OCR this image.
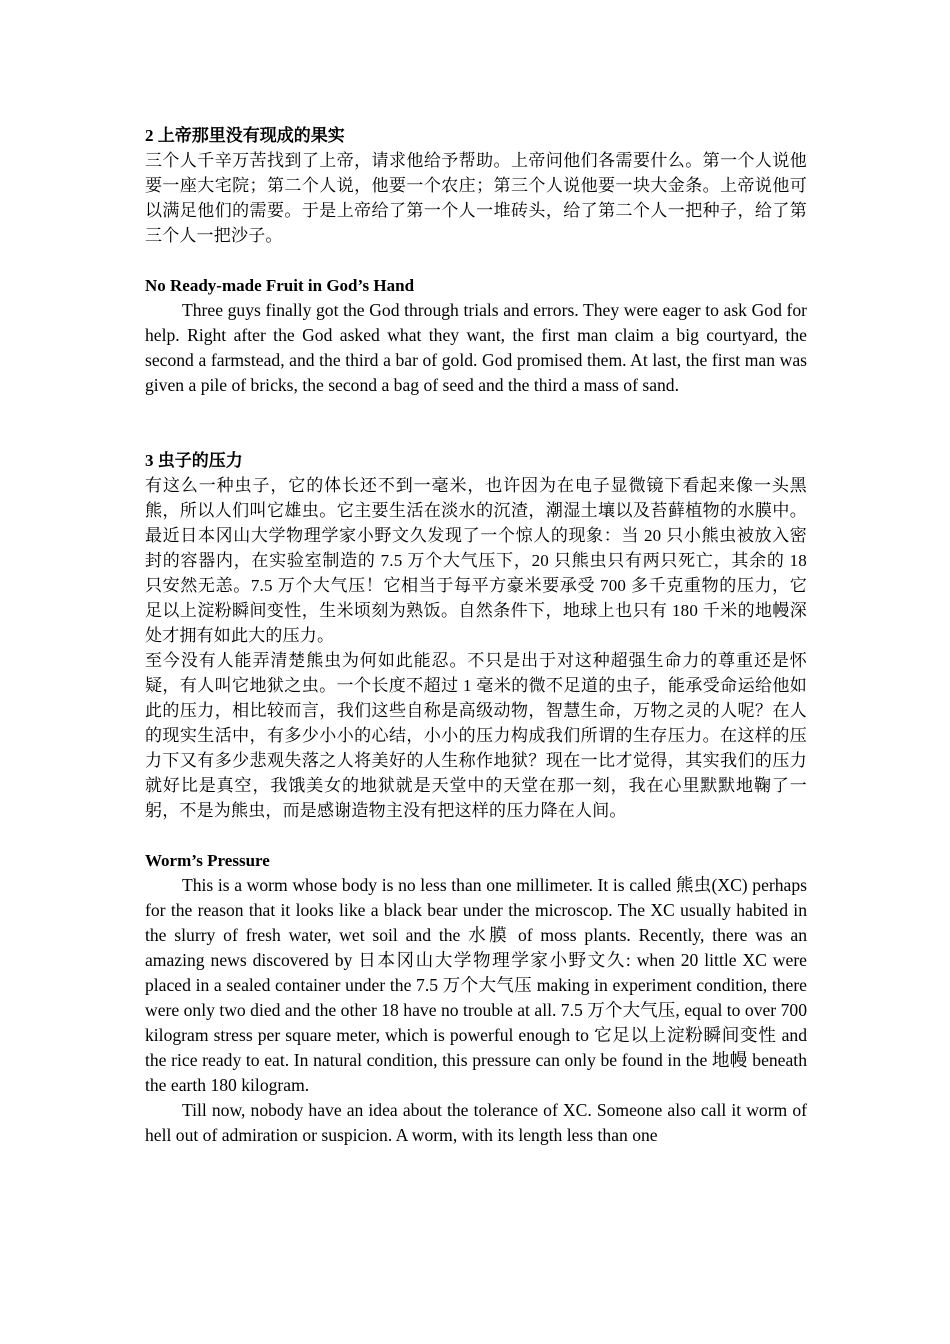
2 上帝那里没有现成的果实

三个人千辛万苦找到了上帝，请求他给予帮助。上帝问他们各需要什么。第一个人说他要一座大宅院；第二个人说，他要一个农庄；第三个人说他要一块大金条。上帝说他可以满足他们的需要。于是上帝给了第一个人一堆砖头，给了第二个人一把种子，给了第三个人一把沙子。

No Ready-made Fruit in God’s Hand

Three guys finally got the God through trials and errors. They were eager to ask God for help. Right after the God asked what they want, the first man claim a big courtyard, the second a farmstead, and the third a bar of gold. God promised them. At last, the first man was given a pile of bricks, the second a bag of seed and the third a mass of sand.

3 虫子的压力

有这么一种虫子，它的体长还不到一毫米，也许因为在电子显微镜下看起来像一头黑熊，所以人们叫它雄虫。它主要生活在淡水的沉渣，潮湿土壤以及苔藓植物的水膜中。最近日本冈山大学物理学家小野文久发现了一个惊人的现象：当 20 只小熊虫被放入密封的容器内，在实验室制造的 7.5 万个大气压下，20 只熊虫只有两只死亡，其余的 18 只安然无恙。7.5 万个大气压！它相当于每平方豪米要承受 700 多千克重物的压力，它足以上淀粉瞬间变性，生米顷刻为熟饭。自然条件下，地球上也只有 180 千米的地幔深处才拥有如此大的压力。

至今没有人能弄清楚熊虫为何如此能忍。不只是出于对这种超强生命力的尊重还是怀疑，有人叫它地狱之虫。一个长度不超过 1 毫米的微不足道的虫子，能承受命运给他如此的压力，相比较而言，我们这些自称是高级动物，智慧生命，万物之灵的人呢？在人的现实生活中，有多少小小的心结，小小的压力构成我们所谓的生存压力。在这样的压力下又有多少悲观失落之人将美好的人生称作地狱？现在一比才觉得，其实我们的压力就好比是真空，我饿美女的地狱就是天堂中的天堂在那一刻，我在心里默默地鞠了一躬，不是为熊虫，而是感谢造物主没有把这样的压力降在人间。

Worm’s Pressure

This is a worm whose body is no less than one millimeter. It is called 熊虫(XC) perhaps for the reason that it looks like a black bear under the microscop. The XC usually habited in the slurry of fresh water, wet soil and the 水膜 of moss plants. Recently, there was an amazing news discovered by 日本冈山大学物理学家小野文久: when 20 little XC were placed in a sealed container under the 7.5 万个大气压 making in experiment condition, there were only two died and the other 18 have no trouble at all. 7.5 万个大气压, equal to over 700 kilogram stress per square meter, which is powerful enough to 它足以上淀粉瞬间变性 and the rice ready to eat. In natural condition, this pressure can only be found in the 地幔 beneath the earth 180 kilogram.

Till now, nobody have an idea about the tolerance of XC. Someone also call it worm of hell out of admiration or suspicion. A worm, with its length less than one
